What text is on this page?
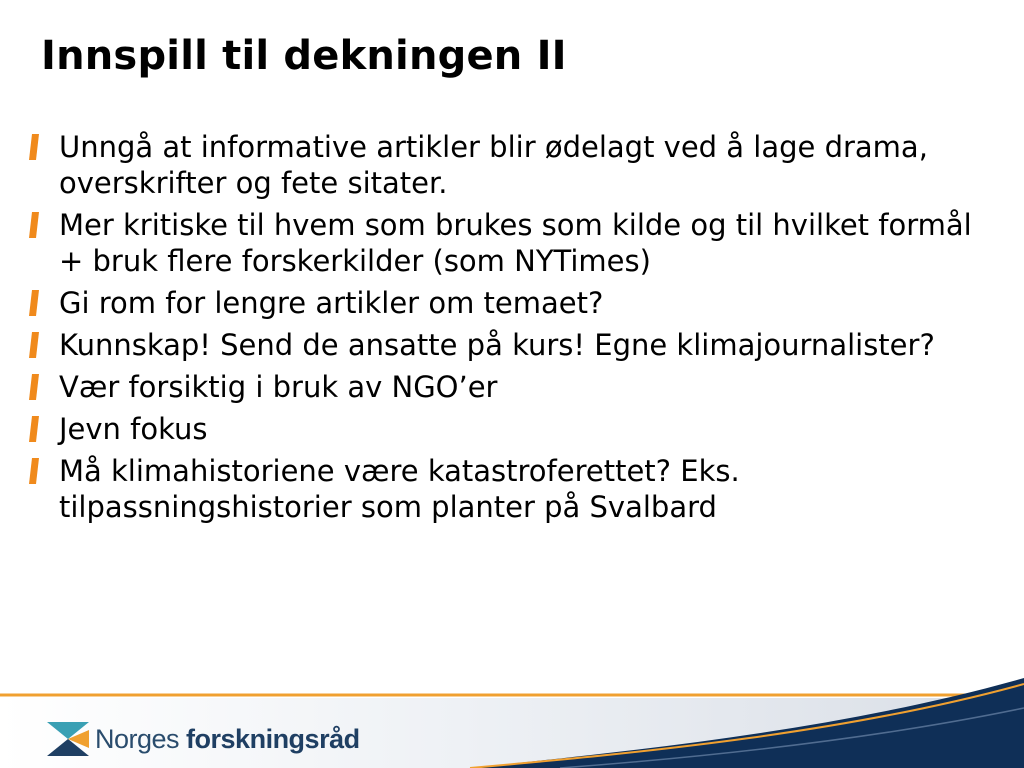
Innspill til dekningen II
Unngå at informative artikler blir ødelagt ved å lage drama, overskrifter og fete sitater.
Mer kritiske til hvem som brukes som kilde og til hvilket formål + bruk flere forskerkilder (som NYTimes)
Gi rom for lengre artikler om temaet?
Kunnskap! Send de ansatte på kurs! Egne klimajournalister?
Vær forsiktig i bruk av NGO’er
Jevn fokus
Må klimahistoriene være katastroferettet? Eks. tilpassningshistorier som planter på Svalbard
Norges forskningsråd
